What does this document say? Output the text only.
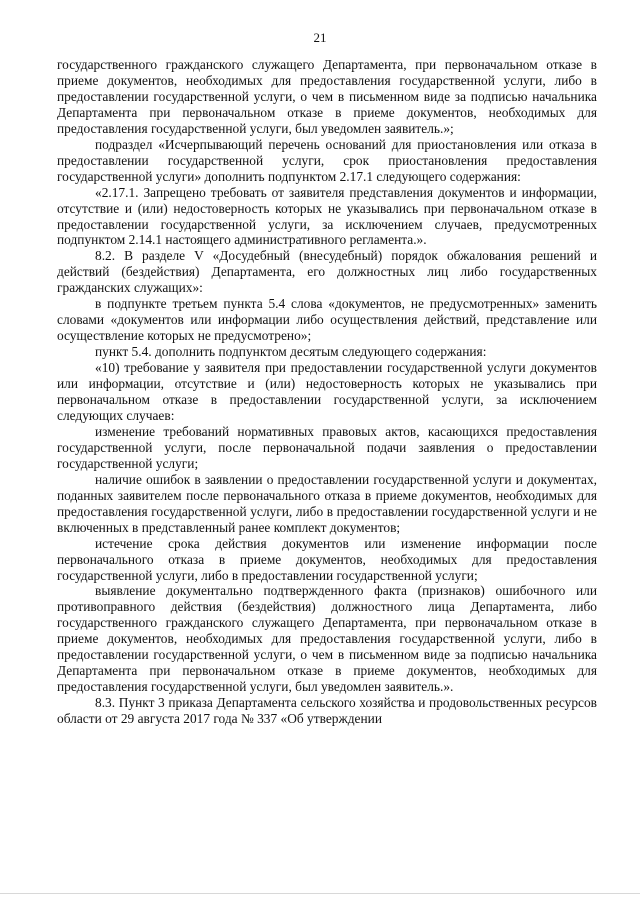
21

государственного гражданского служащего Департамента, при первоначальном отказе в приеме документов, необходимых для предоставления государственной услуги, либо в предоставлении государственной услуги, о чем в письменном виде за подписью начальника Департамента при первоначальном отказе в приеме документов, необходимых для предоставления государственной услуги, был уведомлен заявитель.»;

подраздел «Исчерпывающий перечень оснований для приостановления или отказа в предоставлении государственной услуги, срок приостановления предоставления государственной услуги» дополнить подпунктом 2.17.1 следующего содержания:

«2.17.1. Запрещено требовать от заявителя представления документов и информации, отсутствие и (или) недостоверность которых не указывались при первоначальном отказе в предоставлении государственной услуги, за исключением случаев, предусмотренных подпунктом 2.14.1 настоящего административного регламента.».

8.2. В разделе V «Досудебный (внесудебный) порядок обжалования решений и действий (бездействия) Департамента, его должностных лиц либо государственных гражданских служащих»:

в подпункте третьем пункта 5.4 слова «документов, не предусмотренных» заменить словами «документов или информации либо осуществления действий, представление или осуществление которых не предусмотрено»;

пункт 5.4. дополнить подпунктом десятым следующего содержания:

«10) требование у заявителя при предоставлении государственной услуги документов или информации, отсутствие и (или) недостоверность которых не указывались при первоначальном отказе в предоставлении государственной услуги, за исключением следующих случаев:

изменение требований нормативных правовых актов, касающихся предоставления государственной услуги, после первоначальной подачи заявления о предоставлении государственной услуги;

наличие ошибок в заявлении о предоставлении государственной услуги и документах, поданных заявителем после первоначального отказа в приеме документов, необходимых для предоставления государственной услуги, либо в предоставлении государственной услуги и не включенных в представленный ранее комплект документов;

истечение срока действия документов или изменение информации после первоначального отказа в приеме документов, необходимых для предоставления государственной услуги, либо в предоставлении государственной услуги;

выявление документально подтвержденного факта (признаков) ошибочного или противоправного действия (бездействия) должностного лица Департамента, либо государственного гражданского служащего Департамента, при первоначальном отказе в приеме документов, необходимых для предоставления государственной услуги, либо в предоставлении государственной услуги, о чем в письменном виде за подписью начальника Департамента при первоначальном отказе в приеме документов, необходимых для предоставления государственной услуги, был уведомлен заявитель.».

8.3. Пункт 3 приказа Департамента сельского хозяйства и продовольственных ресурсов области от 29 августа 2017 года № 337 «Об утверждении
